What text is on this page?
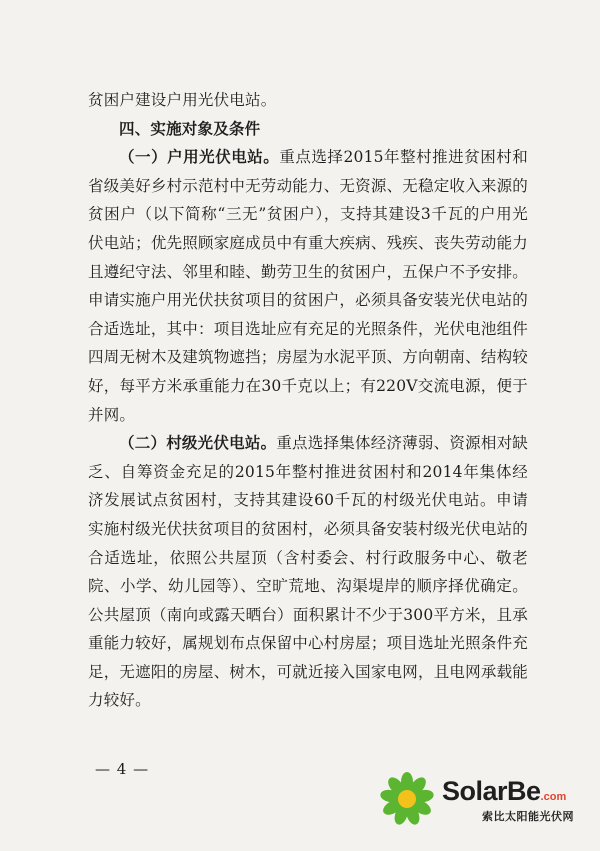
贫困户建设户用光伏电站。

四、实施对象及条件

（一）户用光伏电站。重点选择2015年整村推进贫困村和省级美好乡村示范村中无劳动能力、无资源、无稳定收入来源的贫困户（以下简称“三无”贫困户），支持其建设3千瓦的户用光伏电站；优先照顾家庭成员中有重大疾病、残疾、丧失劳动能力且遵纪守法、邻里和睦、勤劳卫生的贫困户，五保户不予安排。申请实施户用光伏扶贫项目的贫困户，必须具备安装光伏电站的合适选址，其中：项目选址应有充足的光照条件，光伏电池组件四周无树木及建筑物遮挡；房屋为水泥平顶、方向朝南、结构较好，每平方米承重能力在30千克以上；有220V交流电源，便于并网。

（二）村级光伏电站。重点选择集体经济薄弱、资源相对缺乏、自筹资金充足的2015年整村推进贫困村和2014年集体经济发展试点贫困村，支持其建设60千瓦的村级光伏电站。申请实施村级光伏扶贫项目的贫困村，必须具备安装村级光伏电站的合适选址，依照公共屋顶（含村委会、村行政服务中心、敬老院、小学、幼儿园等）、空旷荒地、沟渠堤岸的顺序择优确定。公共屋顶（南向或露天晒台）面积累计不少于300平方米，且承重能力较好，属规划布点保留中心村房屋；项目选址光照条件充足，无遮阳的房屋、树木，可就近接入国家电网，且电网承载能力较好。

— 4 —
SolarBe.com
索比太阳能光伏网
